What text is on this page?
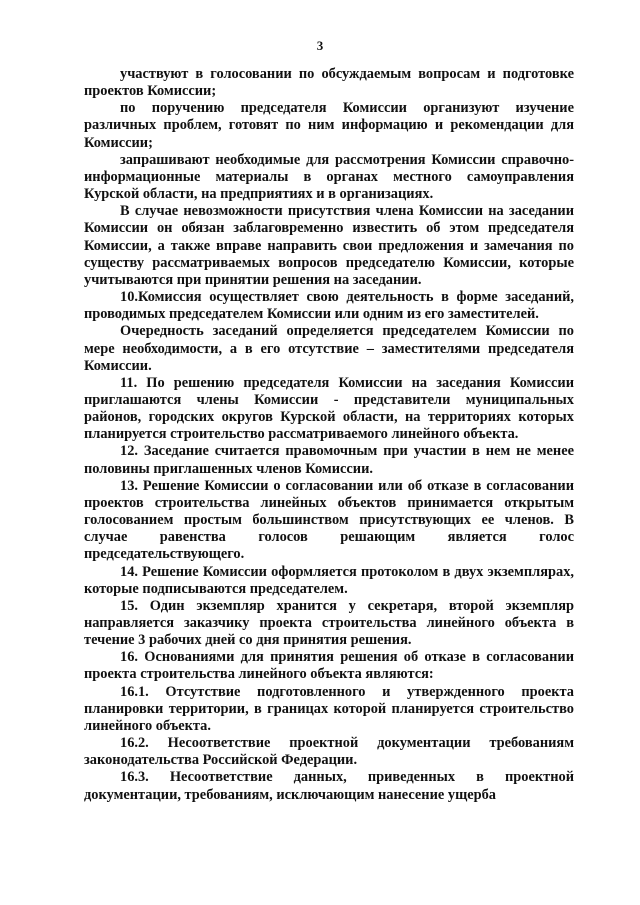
3

участвуют в голосовании по обсуждаемым вопросам и подготовке проектов Комиссии;

по поручению председателя Комиссии организуют изучение различных проблем, готовят по ним информацию и рекомендации для Комиссии;

запрашивают необходимые для рассмотрения Комиссии справочно-информационные материалы в органах местного самоуправления Курской области, на предприятиях и в организациях.

В случае невозможности присутствия члена Комиссии на заседании Комиссии он обязан заблаговременно известить об этом председателя Комиссии, а также вправе направить свои предложения и замечания по существу рассматриваемых вопросов председателю Комиссии, которые учитываются при принятии решения на заседании.

10.Комиссия осуществляет свою деятельность в форме заседаний, проводимых председателем Комиссии или одним из его заместителей.

Очередность заседаний определяется председателем Комиссии по мере необходимости, а в его отсутствие – заместителями председателя Комиссии.

11. По решению председателя Комиссии на заседания Комиссии приглашаются члены Комиссии - представители муниципальных районов, городских округов Курской области, на территориях которых планируется строительство рассматриваемого линейного объекта.

12. Заседание считается правомочным при участии в нем не менее половины приглашенных членов Комиссии.

13. Решение Комиссии о согласовании или об отказе в согласовании проектов строительства линейных объектов принимается открытым голосованием простым большинством присутствующих ее членов. В случае равенства голосов решающим является голос председательствующего.

14. Решение Комиссии оформляется протоколом в двух экземплярах, которые подписываются председателем.

15. Один экземпляр хранится у секретаря, второй экземпляр направляется заказчику проекта строительства линейного объекта в течение 3 рабочих дней со дня принятия решения.

16. Основаниями для принятия решения об отказе в согласовании проекта строительства линейного объекта являются:

16.1. Отсутствие подготовленного и утвержденного проекта планировки территории, в границах которой планируется строительство линейного объекта.

16.2. Несоответствие проектной документации требованиям законодательства Российской Федерации.

16.3. Несоответствие данных, приведенных в проектной документации, требованиям, исключающим нанесение ущерба
